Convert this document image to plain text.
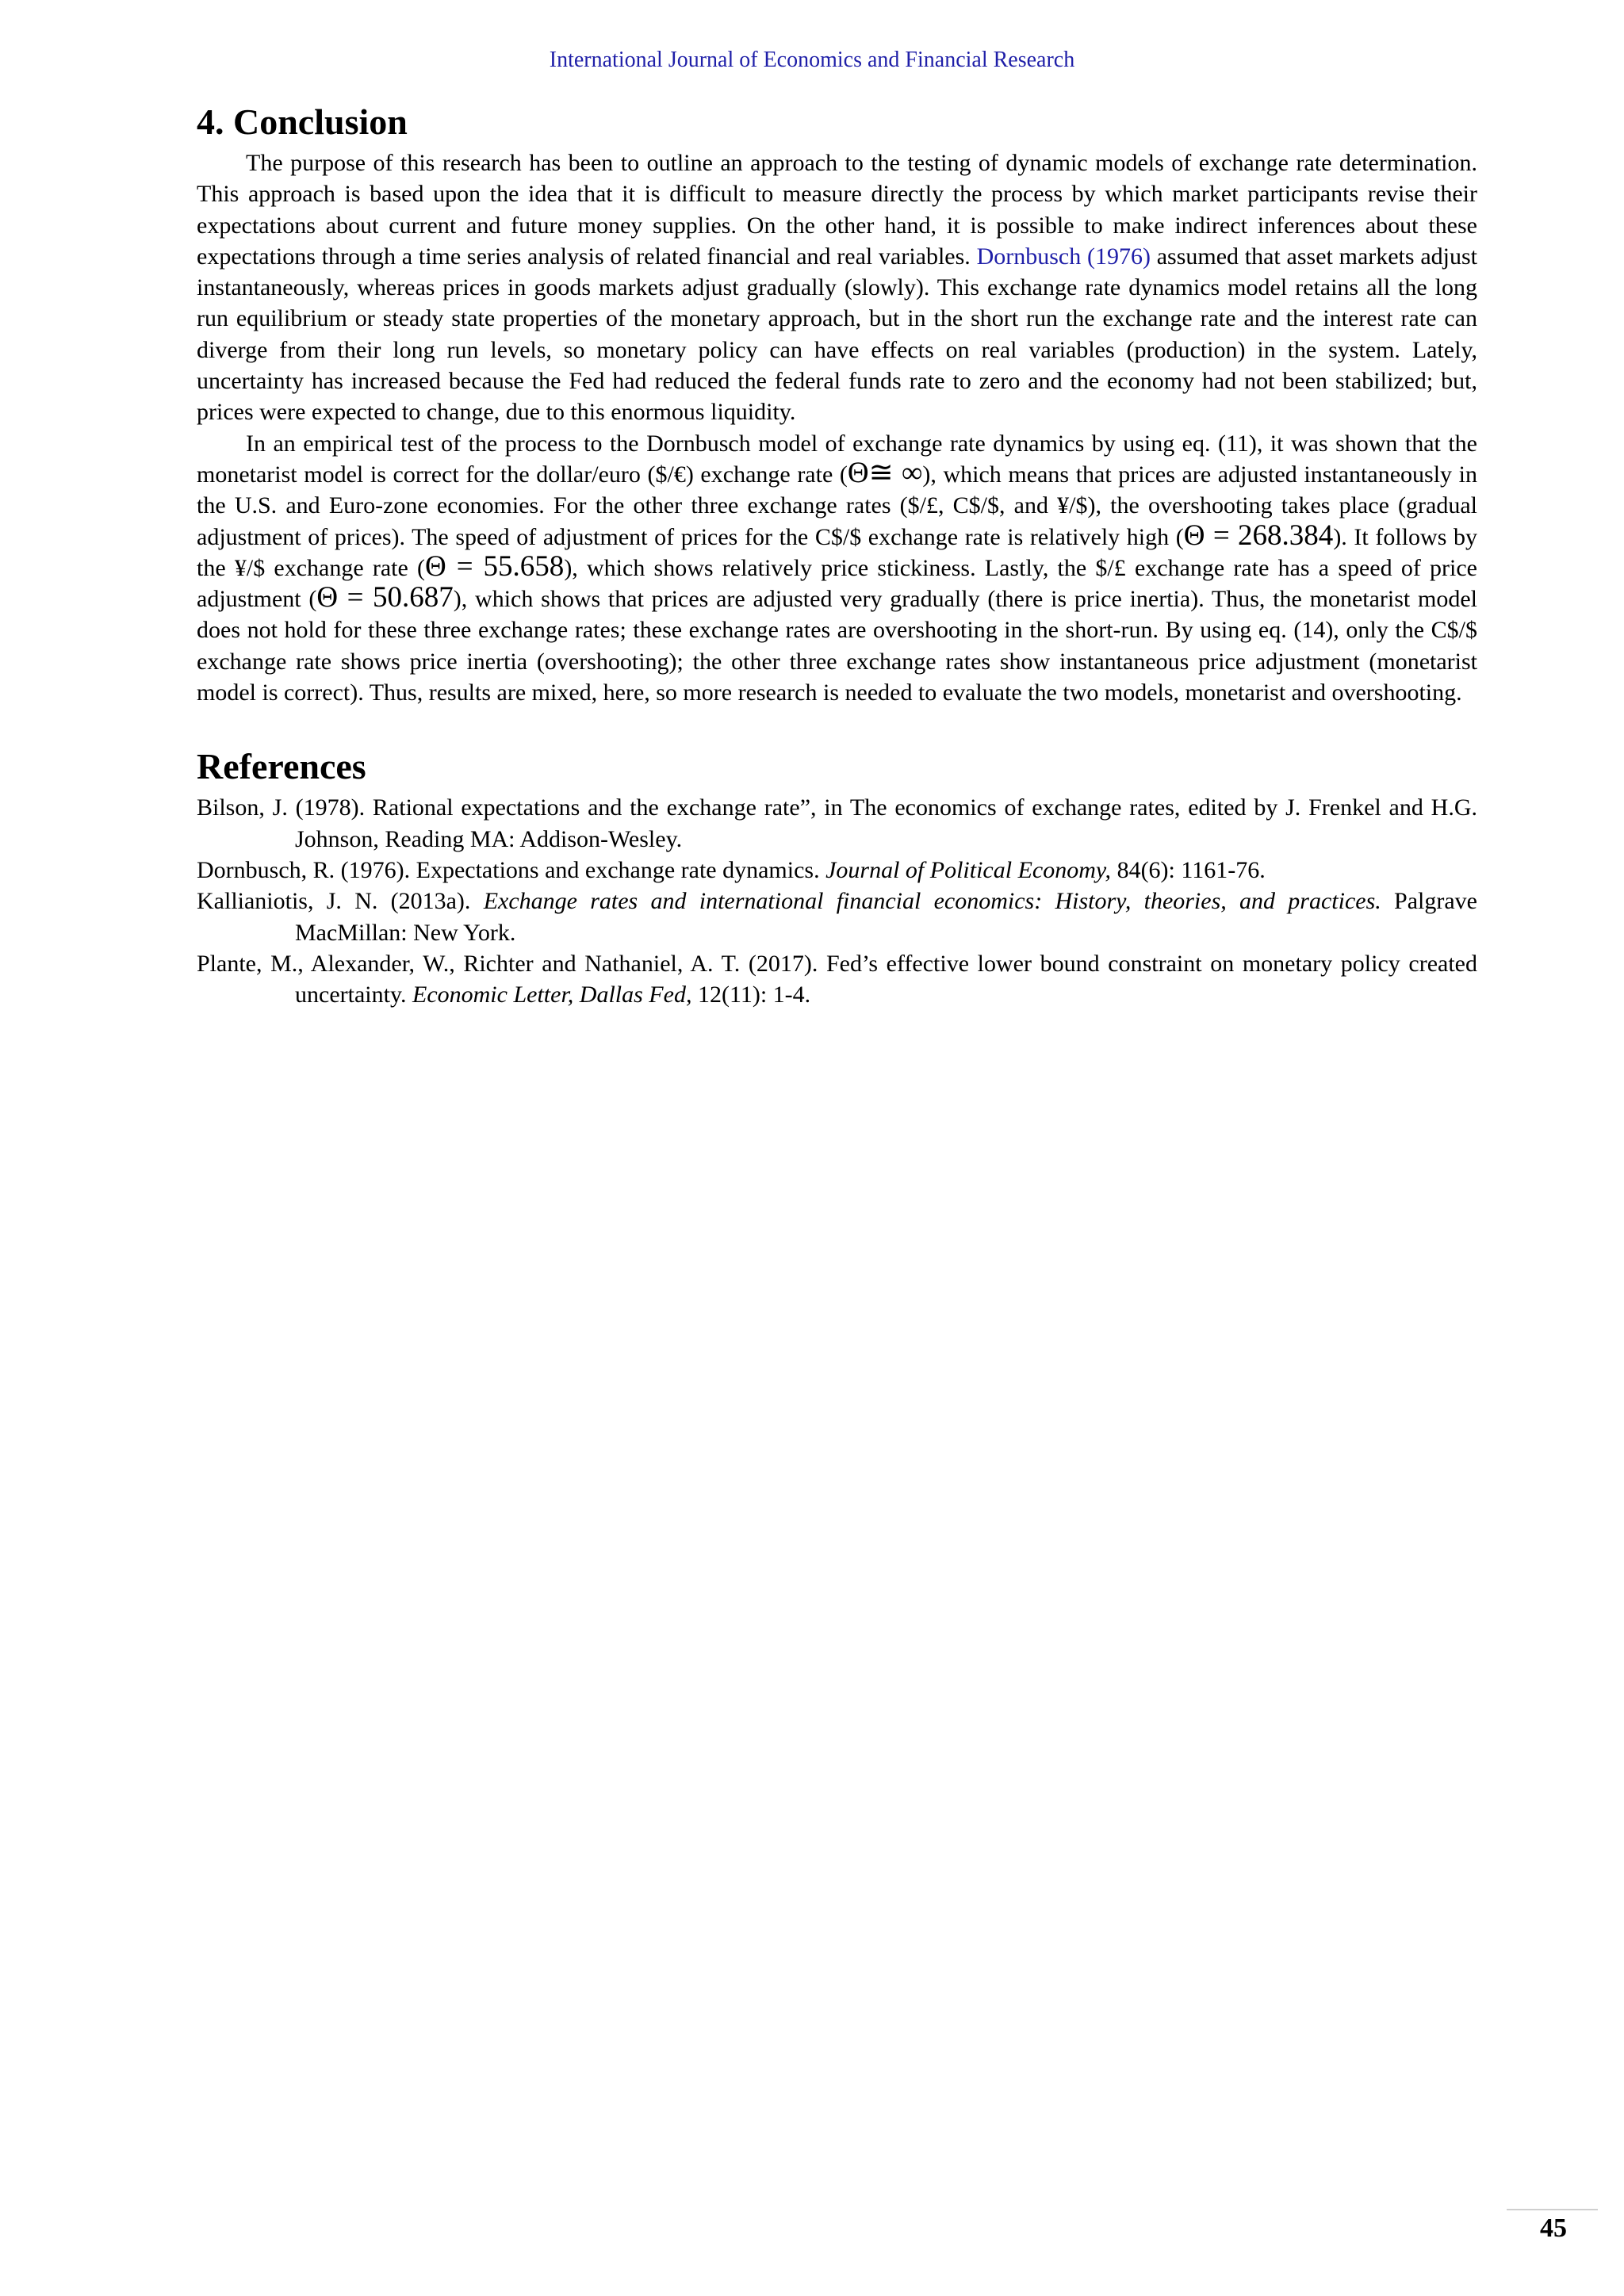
International Journal of Economics and Financial Research
4. Conclusion

The purpose of this research has been to outline an approach to the testing of dynamic models of exchange rate determination. This approach is based upon the idea that it is difficult to measure directly the process by which market participants revise their expectations about current and future money supplies. On the other hand, it is possible to make indirect inferences about these expectations through a time series analysis of related financial and real variables. Dornbusch (1976) assumed that asset markets adjust instantaneously, whereas prices in goods markets adjust gradually (slowly). This exchange rate dynamics model retains all the long run equilibrium or steady state properties of the monetary approach, but in the short run the exchange rate and the interest rate can diverge from their long run levels, so monetary policy can have effects on real variables (production) in the system. Lately, uncertainty has increased because the Fed had reduced the federal funds rate to zero and the economy had not been stabilized; but, prices were expected to change, due to this enormous liquidity.

In an empirical test of the process to the Dornbusch model of exchange rate dynamics by using eq. (11), it was shown that the monetarist model is correct for the dollar/euro ($/€) exchange rate (Θ≅ ∞), which means that prices are adjusted instantaneously in the U.S. and Euro-zone economies. For the other three exchange rates ($/£, C$/$, and ¥/$), the overshooting takes place (gradual adjustment of prices). The speed of adjustment of prices for the C$/$ exchange rate is relatively high (Θ = 268.384). It follows by the ¥/$ exchange rate (Θ = 55.658), which shows relatively price stickiness. Lastly, the $/£ exchange rate has a speed of price adjustment (Θ = 50.687), which shows that prices are adjusted very gradually (there is price inertia). Thus, the monetarist model does not hold for these three exchange rates; these exchange rates are overshooting in the short-run. By using eq. (14), only the C$/$ exchange rate shows price inertia (overshooting); the other three exchange rates show instantaneous price adjustment (monetarist model is correct). Thus, results are mixed, here, so more research is needed to evaluate the two models, monetarist and overshooting.

References

Bilson, J. (1978). Rational expectations and the exchange rate”, in The economics of exchange rates, edited by J. Frenkel and H.G. Johnson, Reading MA: Addison-Wesley.

Dornbusch, R. (1976). Expectations and exchange rate dynamics. Journal of Political Economy, 84(6): 1161-76.

Kallianiotis, J. N. (2013a). Exchange rates and international financial economics: History, theories, and practices. Palgrave MacMillan: New York.

Plante, M., Alexander, W., Richter and Nathaniel, A. T. (2017). Fed’s effective lower bound constraint on monetary policy created uncertainty. Economic Letter, Dallas Fed, 12(11): 1-4.

45
